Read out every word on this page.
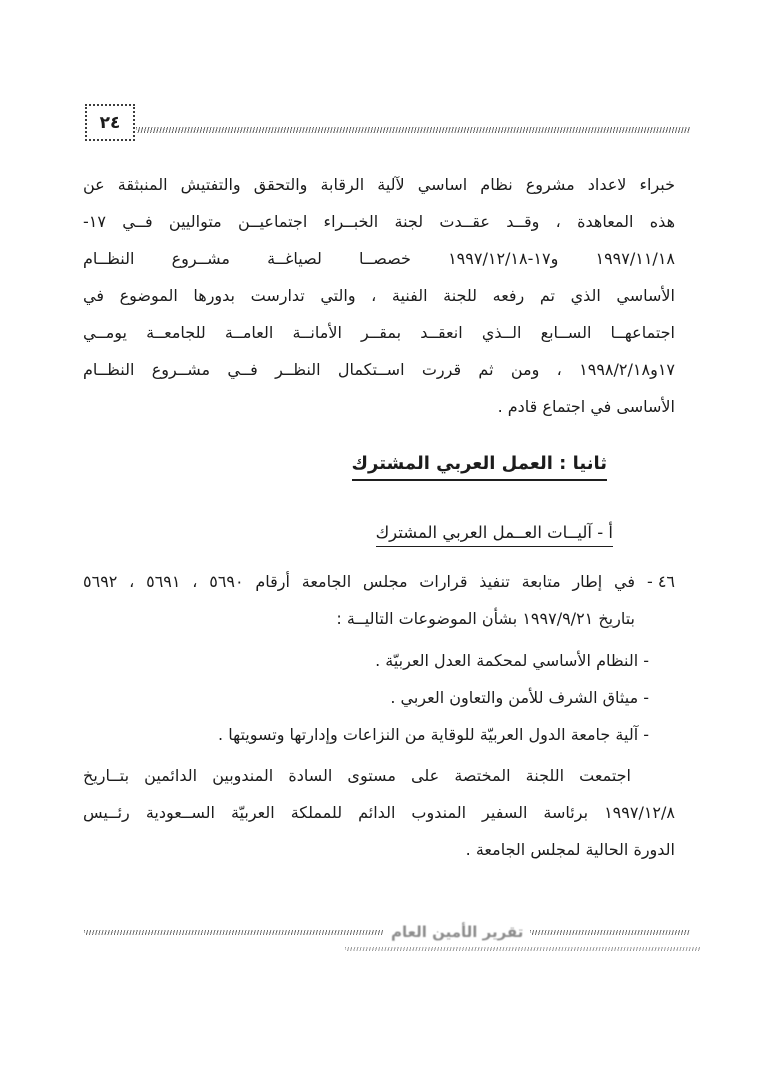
٢٤
خبراء لاعداد مشروع نظام اساسي لآلية الرقابة والتحقق والتفتيش المنبثقة عن
هذه المعاهدة ، وقــد عقــدت لجنة الخبــراء اجتماعيــن متواليين فــي ١٧-
١٩٩٧/١١/١٨ و١٧-١٩٩٧/١٢/١٨ خصصــا لصياغــة مشــروع النظــام
الأساسي الذي تم رفعه للجنة الفنية ، والتي تدارست بدورها الموضوع في
اجتماعهــا الســابع الــذي انعقــد بمقــر الأمانــة العامــة للجامعــة يومــي
١٧و١٩٩٨/٢/١٨ ، ومن ثم قررت اســتكمال النظــر فــي مشــروع النظــام
الأساسى في اجتماع قادم .
ثانيا : العمل العربي المشترك
أ - آليــات العــمل العربي المشترك
٤٦ -
في إطار متابعة تنفيذ قرارات مجلس الجامعة أرقام ٥٦٩٠ ، ٥٦٩١ ، ٥٦٩٢
بتاريخ ١٩٩٧/٩/٢١ بشأن الموضوعات التاليــة :
- النظام الأساسي لمحكمة العدل العربيّة .
- ميثاق الشرف للأمن والتعاون العربي .
- آلية جامعة الدول العربيّة للوقاية من النزاعات وإدارتها وتسويتها .
اجتمعت اللجنة المختصة على مستوى السادة المندوبين الدائمين بتــاريخ
١٩٩٧/١٢/٨ برئاسة السفير المندوب الدائم للمملكة العربيّة الســعودية رئــيس
الدورة الحالية لمجلس الجامعة .
تقرير الأمين العام
